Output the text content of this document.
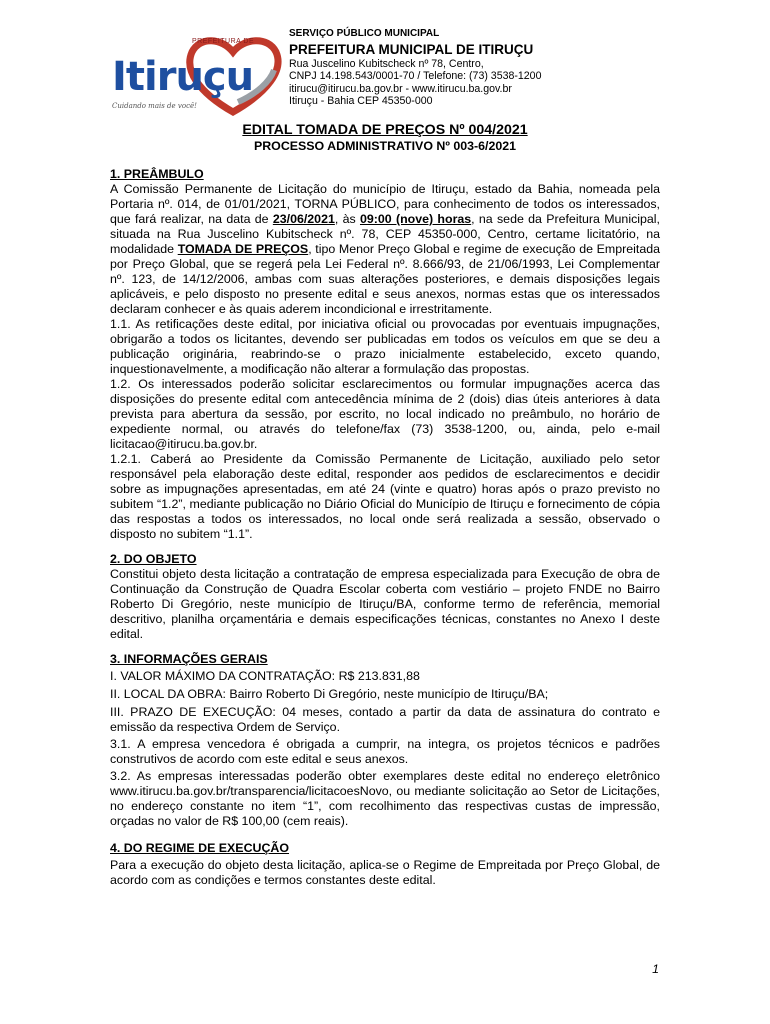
PREFEITURA DE
Itiruçu
Cuidando mais de você!
SERVIÇO PÚBLICO MUNICIPAL
PREFEITURA MUNICIPAL DE ITIRUÇU
Rua Juscelino Kubitscheck nº 78, Centro,
CNPJ 14.198.543/0001-70 / Telefone: (73) 3538-1200
itirucu@itirucu.ba.gov.br - www.itirucu.ba.gov.br
Itiruçu - Bahia CEP 45350-000
EDITAL TOMADA DE PREÇOS Nº 004/2021
PROCESSO ADMINISTRATIVO Nº 003-6/2021

1. PREÂMBULO

A Comissão Permanente de Licitação do município de Itiruçu, estado da Bahia, nomeada pela Portaria nº. 014, de 01/01/2021, TORNA PÚBLICO, para conhecimento de todos os interessados, que fará realizar, na data de 23/06/2021, às 09:00 (nove) horas, na sede da Prefeitura Municipal, situada na Rua Juscelino Kubitscheck nº. 78, CEP 45350-000, Centro, certame licitatório, na modalidade TOMADA DE PREÇOS, tipo Menor Preço Global e regime de execução de Empreitada por Preço Global, que se regerá pela Lei Federal nº. 8.666/93, de 21/06/1993, Lei Complementar nº. 123, de 14/12/2006, ambas com suas alterações posteriores, e demais disposições legais aplicáveis, e pelo disposto no presente edital e seus anexos, normas estas que os interessados declaram conhecer e às quais aderem incondicional e irrestritamente.

1.1. As retificações deste edital, por iniciativa oficial ou provocadas por eventuais impugnações, obrigarão a todos os licitantes, devendo ser publicadas em todos os veículos em que se deu a publicação originária, reabrindo-se o prazo inicialmente estabelecido, exceto quando, inquestionavelmente, a modificação não alterar a formulação das propostas.

1.2. Os interessados poderão solicitar esclarecimentos ou formular impugnações acerca das disposições do presente edital com antecedência mínima de 2 (dois) dias úteis anteriores à data prevista para abertura da sessão, por escrito, no local indicado no preâmbulo, no horário de expediente normal, ou através do telefone/fax (73) 3538-1200, ou, ainda, pelo e-mail licitacao@itirucu.ba.gov.br.

1.2.1. Caberá ao Presidente da Comissão Permanente de Licitação, auxiliado pelo setor responsável pela elaboração deste edital, responder aos pedidos de esclarecimentos e decidir sobre as impugnações apresentadas, em até 24 (vinte e quatro) horas após o prazo previsto no subitem “1.2”, mediante publicação no Diário Oficial do Município de Itiruçu e fornecimento de cópia das respostas a todos os interessados, no local onde será realizada a sessão, observado o disposto no subitem “1.1”.

2. DO OBJETO

Constitui objeto desta licitação a contratação de empresa especializada para Execução de obra de Continuação da Construção de Quadra Escolar coberta com vestiário – projeto FNDE no Bairro Roberto Di Gregório, neste município de Itiruçu/BA, conforme termo de referência, memorial descritivo, planilha orçamentária e demais especificações técnicas, constantes no Anexo I deste edital.

3. INFORMAÇÕES GERAIS

I. VALOR MÁXIMO DA CONTRATAÇÃO: R$ 213.831,88

II. LOCAL DA OBRA: Bairro Roberto Di Gregório, neste município de Itiruçu/BA;

III. PRAZO DE EXECUÇÃO: 04 meses, contado a partir da data de assinatura do contrato e emissão da respectiva Ordem de Serviço.

3.1. A empresa vencedora é obrigada a cumprir, na integra, os projetos técnicos e padrões construtivos de acordo com este edital e seus anexos.

3.2. As empresas interessadas poderão obter exemplares deste edital no endereço eletrônico www.itirucu.ba.gov.br/transparencia/licitacoesNovo, ou mediante solicitação ao Setor de Licitações, no endereço constante no item “1”, com recolhimento das respectivas custas de impressão, orçadas no valor de R$ 100,00 (cem reais).

4. DO REGIME DE EXECUÇÃO

Para a execução do objeto desta licitação, aplica-se o Regime de Empreitada por Preço Global, de acordo com as condições e termos constantes deste edital.

1
